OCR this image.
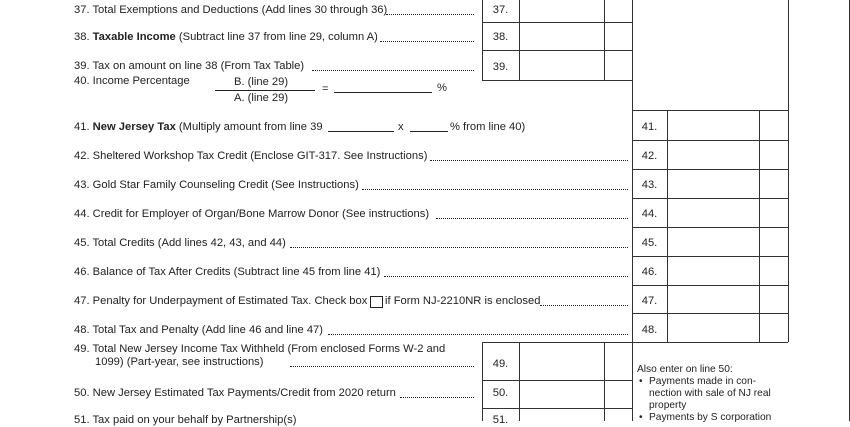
37. Total Exemptions and Deductions (Add lines 30 through 36)	37.
38. Taxable Income (Subtract line 37 from line 29, column A)	38.
39. Tax on amount on line 38 (From Tax Table)	39.
40. Income Percentage	B. (line 29)
A. (line 29)
=	%
41. New Jersey Tax (Multiply amount from line 39	x	% from line 40)	41.
42. Sheltered Workshop Tax Credit (Enclose GIT-317. See Instructions)	42.
43. Gold Star Family Counseling Credit (See Instructions)	43.
44. Credit for Employer of Organ/Bone Marrow Donor (See instructions)	44.
45. Total Credits (Add lines 42, 43, and 44)	45.
46. Balance of Tax After Credits (Subtract line 45 from line 41)	46.
47. Penalty for Underpayment of Estimated Tax. Check box if Form NJ-2210NR is enclosed	47.
48. Total Tax and Penalty (Add line 46 and line 47)	48.
49. Total New Jersey Income Tax Withheld (From enclosed Forms W-2 and
1099) (Part-year, see instructions)	49.
50. New Jersey Estimated Tax Payments/Credit from 2020 return	50.
51. Tax paid on your behalf by Partnership(s)	51.
Also enter on line 50:
• Payments made in con-
nection with sale of NJ real
property
• Payments by S corporation
